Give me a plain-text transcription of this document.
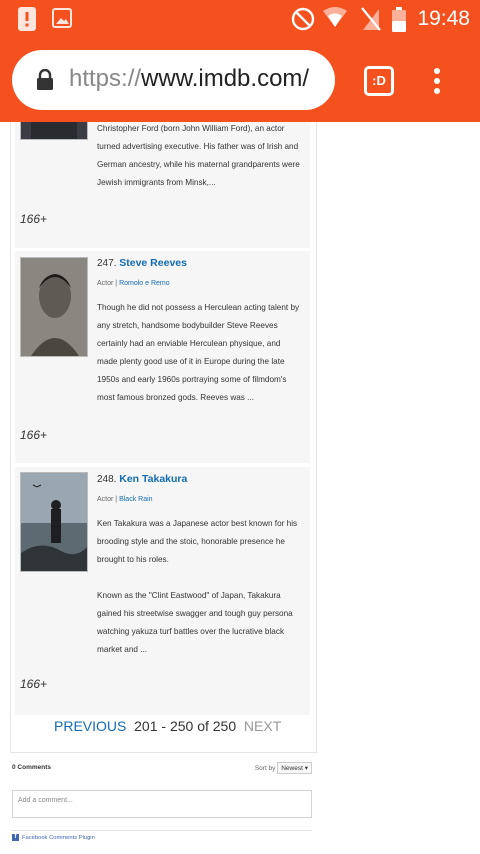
Christopher Ford (born John William Ford), an actor turned advertising executive. His father was of Irish and German ancestry, while his maternal grandparents were Jewish immigrants from Minsk,...
166+
247. Steve Reeves
Actor | Romolo e Remo
Though he did not possess a Herculean acting talent by any stretch, handsome bodybuilder Steve Reeves certainly had an enviable Herculean physique, and made plenty good use of it in Europe during the late 1950s and early 1960s portraying some of filmdom's most famous bronzed gods. Reeves was ...
166+
248. Ken Takakura
Actor | Black Rain
Ken Takakura was a Japanese actor best known for his brooding style and the stoic, honorable presence he brought to his roles.
Known as the "Clint Eastwood" of Japan, Takakura gained his streetwise swagger and tough guy persona watching yakuza turf battles over the lucrative black market and ...
166+
PREVIOUS 201 - 250 of 250 NEXT
0 Comments	Sort by Newest ▾
Add a comment...
f Facebook Comments Plugin
19:48
https://www.imdb.com/	:D
